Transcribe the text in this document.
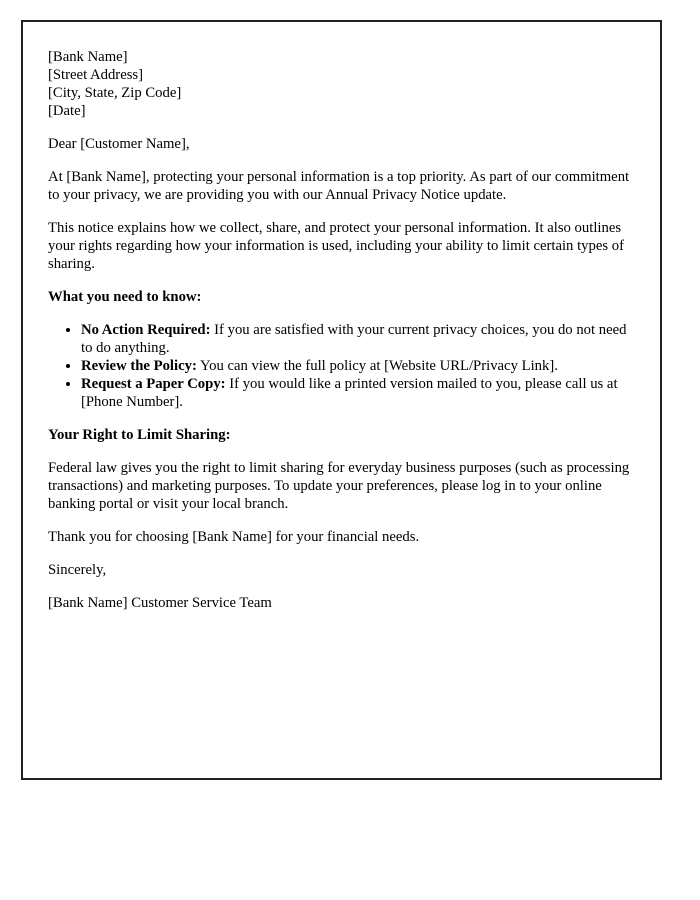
[Bank Name]
[Street Address]
[City, State, Zip Code]
[Date]

Dear [Customer Name],

At [Bank Name], protecting your personal information is a top priority. As part of our commitment to your privacy, we are providing you with our Annual Privacy Notice update.

This notice explains how we collect, share, and protect your personal information. It also outlines your rights regarding how your information is used, including your ability to limit certain types of sharing.

What you need to know:

• No Action Required: If you are satisfied with your current privacy choices, you do not need to do anything.
• Review the Policy: You can view the full policy at [Website URL/Privacy Link].
• Request a Paper Copy: If you would like a printed version mailed to you, please call us at [Phone Number].

Your Right to Limit Sharing:

Federal law gives you the right to limit sharing for everyday business purposes (such as processing transactions) and marketing purposes. To update your preferences, please log in to your online banking portal or visit your local branch.

Thank you for choosing [Bank Name] for your financial needs.

Sincerely,

[Bank Name] Customer Service Team
